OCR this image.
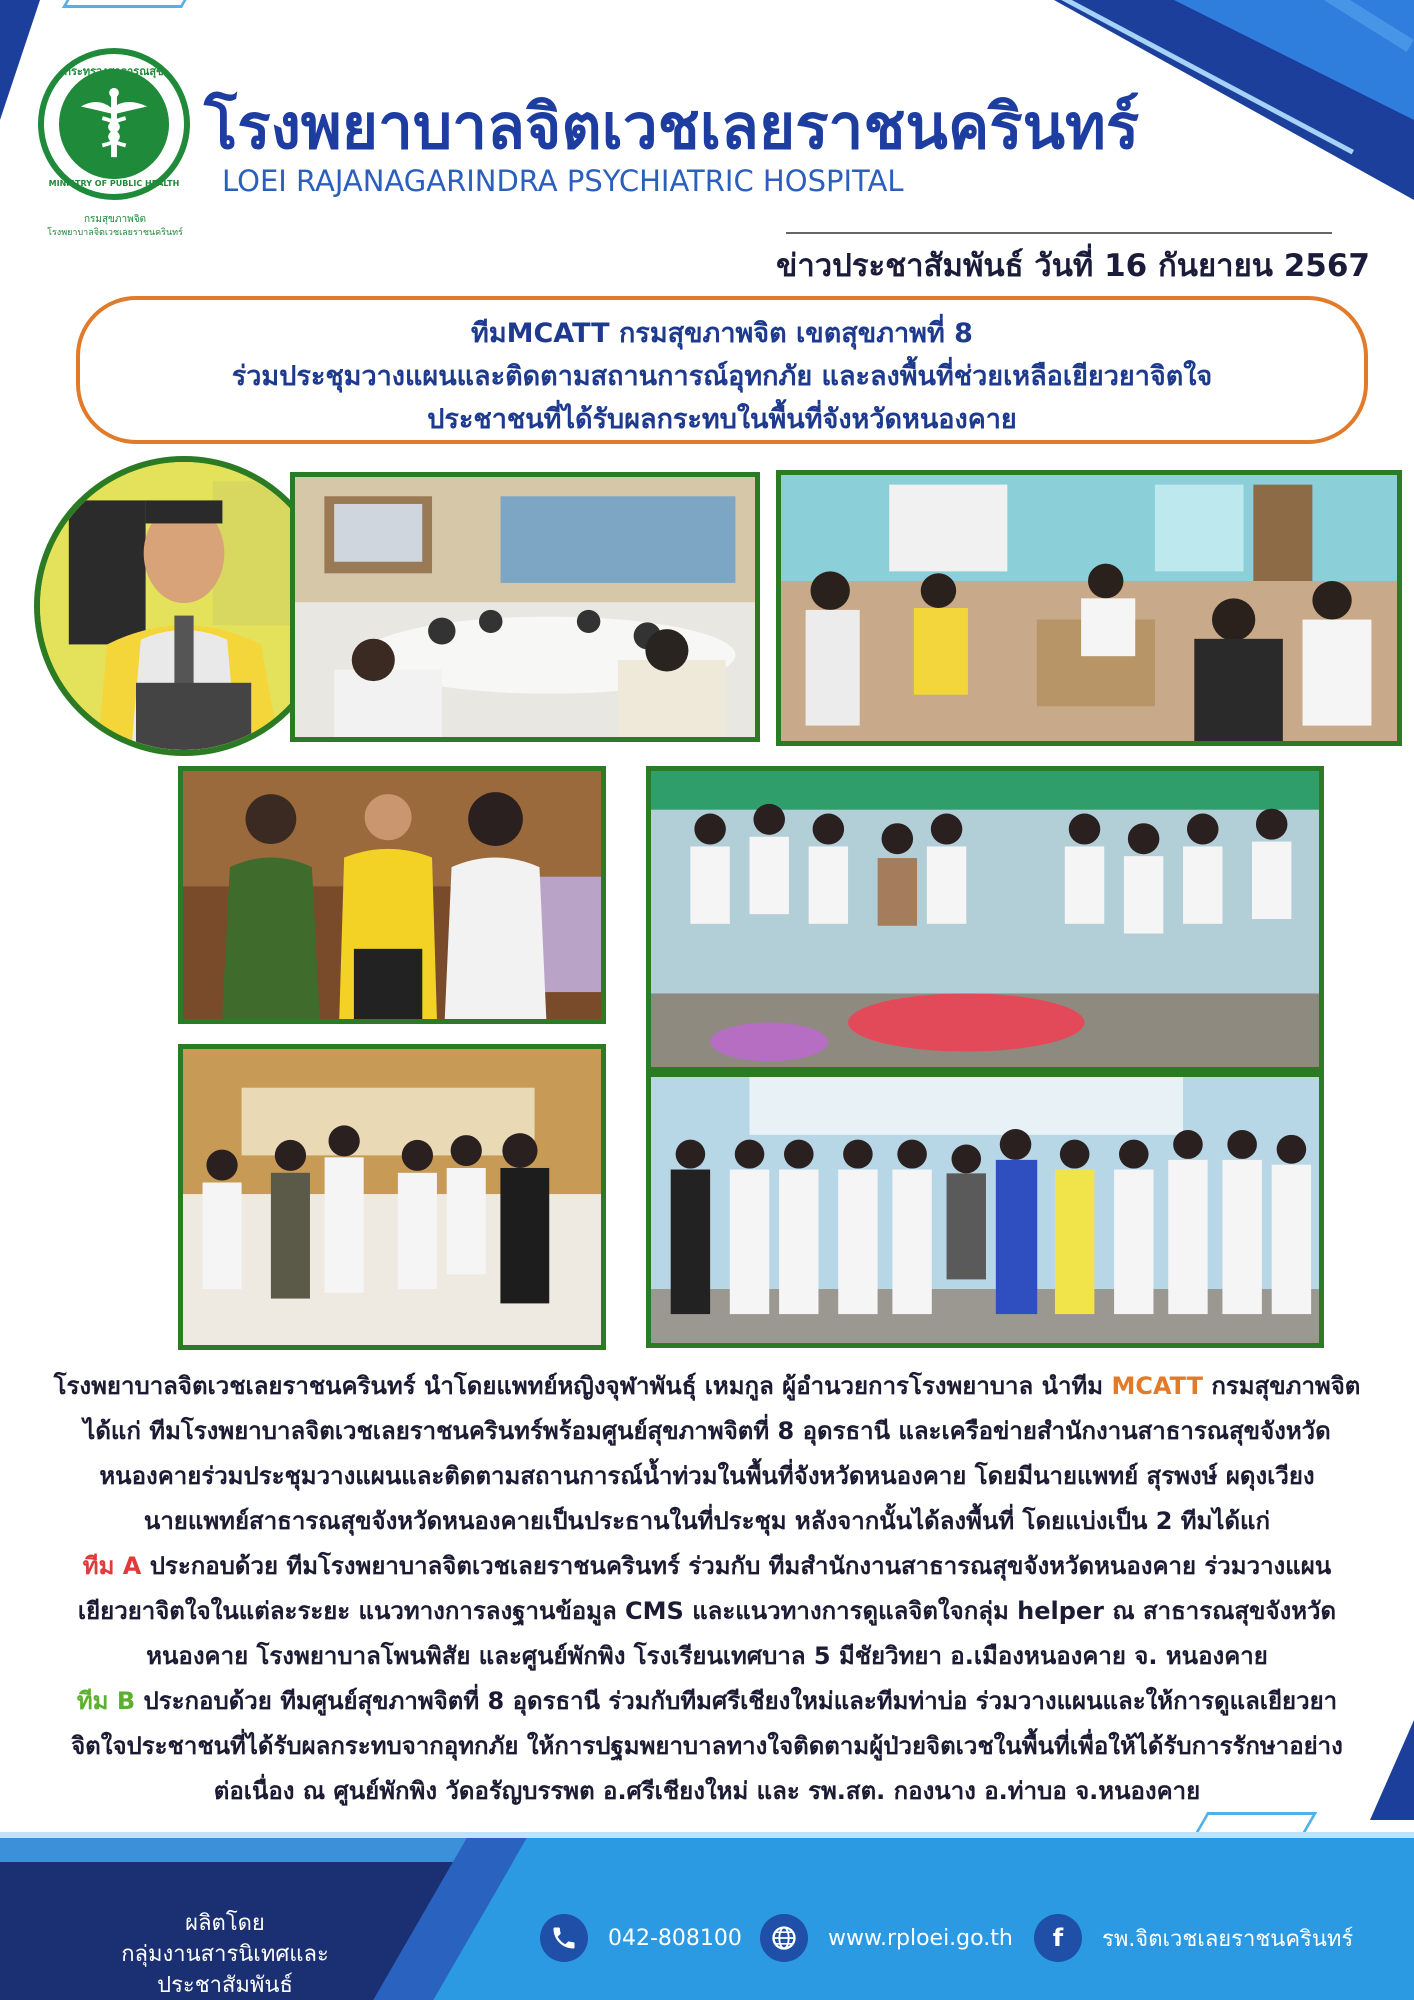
กระทรวงสาธารณสุข
MINISTRY OF PUBLIC HEALTH
กรมสุขภาพจิต
โรงพยาบาลจิตเวชเลยราชนครินทร์
โรงพยาบาลจิตเวชเลยราชนครินทร์
LOEI RAJANAGARINDRA PSYCHIATRIC HOSPITAL
ข่าวประชาสัมพันธ์ วันที่ 16 กันยายน 2567
ทีมMCATT กรมสุขภาพจิต เขตสุขภาพที่ 8
ร่วมประชุมวางแผนและติดตามสถานการณ์อุทกภัย และลงพื้นที่ช่วยเหลือเยียวยาจิตใจ
ประชาชนที่ได้รับผลกระทบในพื้นที่จังหวัดหนองคาย

โรงพยาบาลจิตเวชเลยราชนครินทร์ นำโดยแพทย์หญิงจุฬาพันธุ์ เหมกูล ผู้อำนวยการโรงพยาบาล นำทีม MCATT กรมสุขภาพจิต

ได้แก่ ทีมโรงพยาบาลจิตเวชเลยราชนครินทร์พร้อมศูนย์สุขภาพจิตที่ 8 อุดรธานี และเครือข่ายสำนักงานสาธารณสุขจังหวัด

หนองคายร่วมประชุมวางแผนและติดตามสถานการณ์น้ำท่วมในพื้นที่จังหวัดหนองคาย โดยมีนายแพทย์ สุรพงษ์ ผดุงเวียง

นายแพทย์สาธารณสุขจังหวัดหนองคายเป็นประธานในที่ประชุม หลังจากนั้นได้ลงพื้นที่ โดยแบ่งเป็น 2 ทีมได้แก่

ทีม A ประกอบด้วย ทีมโรงพยาบาลจิตเวชเลยราชนครินทร์ ร่วมกับ ทีมสำนักงานสาธารณสุขจังหวัดหนองคาย ร่วมวางแผน

เยียวยาจิตใจในแต่ละระยะ แนวทางการลงฐานข้อมูล CMS และแนวทางการดูแลจิตใจกลุ่ม helper ณ สาธารณสุขจังหวัด

หนองคาย โรงพยาบาลโพนพิสัย และศูนย์พักพิง โรงเรียนเทศบาล 5 มีชัยวิทยา อ.เมืองหนองคาย จ. หนองคาย

ทีม B ประกอบด้วย ทีมศูนย์สุขภาพจิตที่ 8 อุดรธานี ร่วมกับทีมศรีเชียงใหม่และทีมท่าบ่อ ร่วมวางแผนและให้การดูแลเยียวยา

จิตใจประชาชนที่ได้รับผลกระทบจากอุทกภัย ให้การปฐมพยาบาลทางใจติดตามผู้ป่วยจิตเวชในพื้นที่เพื่อให้ได้รับการรักษาอย่าง

ต่อเนื่อง ณ ศูนย์พักพิง วัดอรัญบรรพต อ.ศรีเชียงใหม่ และ รพ.สต. กองนาง อ.ท่าบอ จ.หนองคาย

ผลิตโดย
กลุ่มงานสารนิเทศและประชาสัมพันธ์
042-808100	www.rploei.go.th	f	รพ.จิตเวชเลยราชนครินทร์
